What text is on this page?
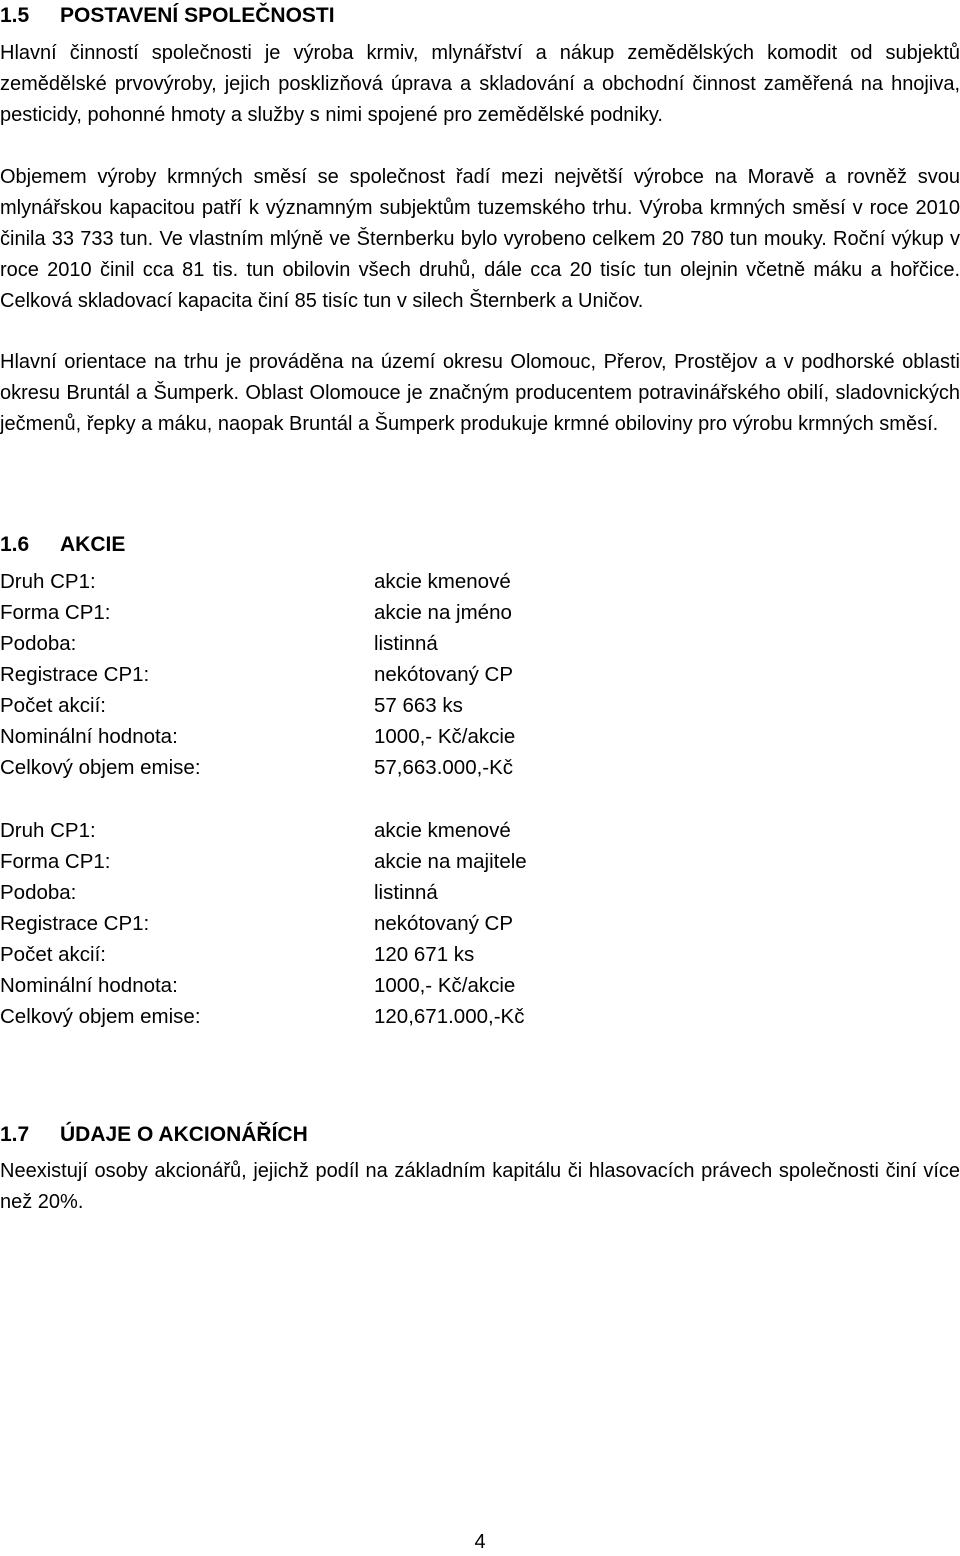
1.5 POSTAVENÍ SPOLEČNOSTI

Hlavní činností společnosti je výroba krmiv, mlynářství a nákup zemědělských komodit od subjektů zemědělské prvovýroby, jejich posklizňová úprava a skladování a obchodní činnost zaměřená na hnojiva, pesticidy, pohonné hmoty a služby s nimi spojené pro zemědělské podniky.

Objemem výroby krmných směsí se společnost řadí mezi největší výrobce na Moravě a rovněž svou mlynářskou kapacitou patří k významným subjektům tuzemského trhu. Výroba krmných směsí v roce 2010 činila 33 733 tun. Ve vlastním mlýně ve Šternberku bylo vyrobeno celkem 20 780 tun mouky. Roční výkup v roce 2010 činil cca 81 tis. tun obilovin všech druhů, dále cca 20 tisíc tun olejnin včetně máku a hořčice. Celková skladovací kapacita činí 85 tisíc tun v silech Šternberk a Uničov.

Hlavní orientace na trhu je prováděna na území okresu Olomouc, Přerov, Prostějov a v podhorské oblasti okresu Bruntál a Šumperk. Oblast Olomouce je značným producentem potravinářského obilí, sladovnických ječmenů, řepky a máku, naopak Bruntál a Šumperk produkuje krmné obiloviny pro výrobu krmných směsí.

1.6 AKCIE
Druh CP1:	akcie kmenové
Forma CP1:	akcie na jméno
Podoba:	listinná
Registrace CP1:	nekótovaný CP
Počet akcií:	57 663 ks
Nominální hodnota:	1000,- Kč/akcie
Celkový objem emise:	57,663.000,-Kč
Druh CP1:	akcie kmenové
Forma CP1:	akcie na majitele
Podoba:	listinná
Registrace CP1:	nekótovaný CP
Počet akcií:	120 671 ks
Nominální hodnota:	1000,- Kč/akcie
Celkový objem emise:	120,671.000,-Kč
1.7 ÚDAJE O AKCIONÁŘÍCH

Neexistují osoby akcionářů, jejichž podíl na základním kapitálu či hlasovacích právech společnosti činí více než 20%.

4
